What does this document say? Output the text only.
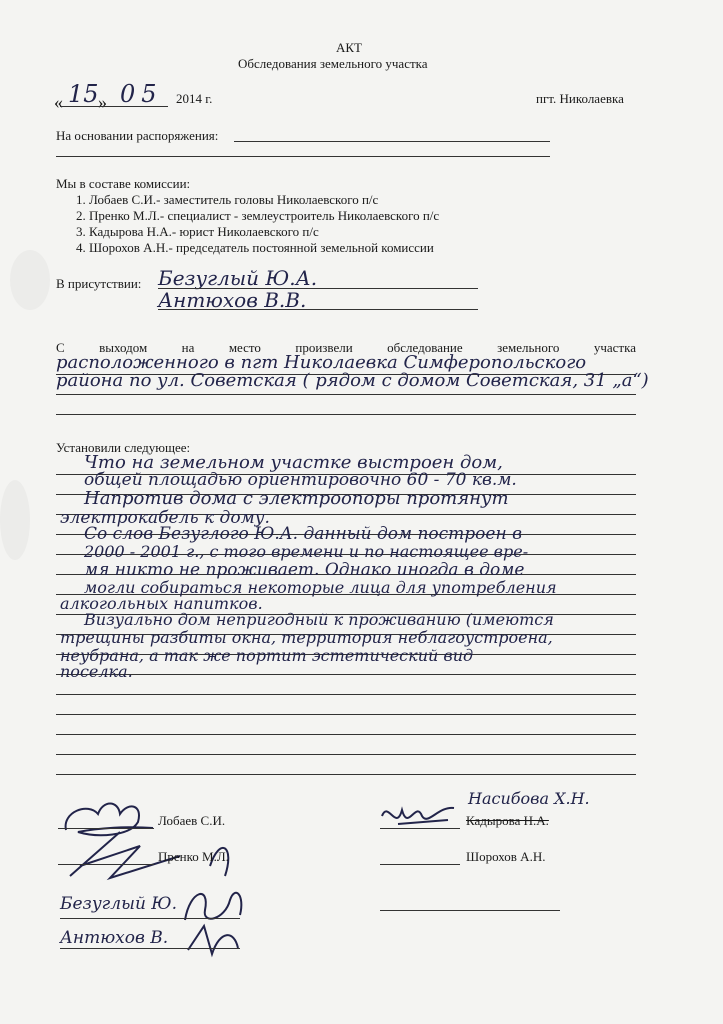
АКТ
Обследования земельного участка
« 15 » 05 2014 г.	пгт. Николаевка
На основании распоряжения:
Мы в составе комиссии:
1. Лобаев С.И.- заместитель головы Николаевского п/с
2. Пренко М.Л.- специалист - землеустроитель Николаевского п/с
3. Кадырова Н.А.- юрист Николаевского п/с
4. Шорохов А.Н.- председатель постоянной земельной комиссии
В присутствии: Безуглый Ю.А.
Антюхов В.В.
С	выходом	на	место	произвели	обследование	земельного	участка
расположенного в пгт Николаевка Симферопольского
района по ул. Советская ( рядом с домом Советская, 31 „а“)
Установили следующее:
Что на земельном участке выстроен дом,
общей площадью ориентировочно 60 - 70 кв.м.
Напротив дома с электроопоры протянут
электрокабель к дому.
Со слов Безуглого Ю.А. данный дом построен в
2000 - 2001 г., с того времени и по настоящее вре-
мя никто не проживает. Однако иногда в доме
могли собираться некоторые лица для употребления
алкогольных напитков.
Визуально дом непригодный к проживанию (имеются
трещины разбиты окна, территория неблагоустроена,
неубрана, а так же портит эстетический вид
поселка.
Лобаев С.И.
Пренко М.Л.
Безуглый Ю.
Антюхов В.
Насибова Х.Н.
Кадырова Н.А.
Шорохов А.Н.
